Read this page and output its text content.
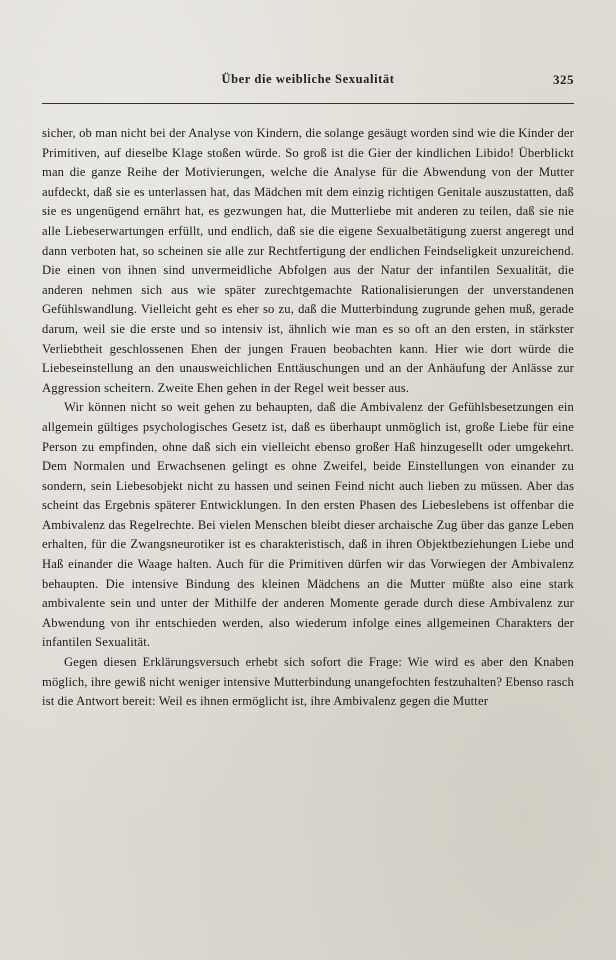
Über die weibliche Sexualität	325

sicher, ob man nicht bei der Analyse von Kindern, die solange gesäugt worden sind wie die Kinder der Primitiven, auf dieselbe Klage stoßen würde. So groß ist die Gier der kindlichen Libido! Überblickt man die ganze Reihe der Motivierungen, welche die Analyse für die Abwendung von der Mutter aufdeckt, daß sie es unterlassen hat, das Mädchen mit dem einzig richtigen Genitale auszustatten, daß sie es ungenügend ernährt hat, es gezwungen hat, die Mutterliebe mit anderen zu teilen, daß sie nie alle Liebeserwartungen erfüllt, und endlich, daß sie die eigene Sexualbetätigung zuerst angeregt und dann verboten hat, so scheinen sie alle zur Rechtfertigung der endlichen Feindseligkeit unzureichend. Die einen von ihnen sind unvermeidliche Abfolgen aus der Natur der infantilen Sexualität, die anderen nehmen sich aus wie später zurechtgemachte Rationalisierungen der unverstandenen Gefühlswandlung. Vielleicht geht es eher so zu, daß die Mutterbindung zugrunde gehen muß, gerade darum, weil sie die erste und so intensiv ist, ähnlich wie man es so oft an den ersten, in stärkster Verliebtheit geschlossenen Ehen der jungen Frauen beobachten kann. Hier wie dort würde die Liebeseinstellung an den unausweichlichen Enttäuschungen und an der Anhäufung der Anlässe zur Aggression scheitern. Zweite Ehen gehen in der Regel weit besser aus.

Wir können nicht so weit gehen zu behaupten, daß die Ambivalenz der Gefühlsbesetzungen ein allgemein gültiges psychologisches Gesetz ist, daß es überhaupt unmöglich ist, große Liebe für eine Person zu empfinden, ohne daß sich ein vielleicht ebenso großer Haß hinzugesellt oder umgekehrt. Dem Normalen und Erwachsenen gelingt es ohne Zweifel, beide Einstellungen von einander zu sondern, sein Liebesobjekt nicht zu hassen und seinen Feind nicht auch lieben zu müssen. Aber das scheint das Ergebnis späterer Entwicklungen. In den ersten Phasen des Liebeslebens ist offenbar die Ambivalenz das Regelrechte. Bei vielen Menschen bleibt dieser archaische Zug über das ganze Leben erhalten, für die Zwangsneurotiker ist es charakteristisch, daß in ihren Objektbeziehungen Liebe und Haß einander die Waage halten. Auch für die Primitiven dürfen wir das Vorwiegen der Ambivalenz behaupten. Die intensive Bindung des kleinen Mädchens an die Mutter müßte also eine stark ambivalente sein und unter der Mithilfe der anderen Momente gerade durch diese Ambivalenz zur Abwendung von ihr entschieden werden, also wiederum infolge eines allgemeinen Charakters der infantilen Sexualität.

Gegen diesen Erklärungsversuch erhebt sich sofort die Frage: Wie wird es aber den Knaben möglich, ihre gewiß nicht weniger intensive Mutterbindung unangefochten festzuhalten? Ebenso rasch ist die Antwort bereit: Weil es ihnen ermöglicht ist, ihre Ambivalenz gegen die Mutter
